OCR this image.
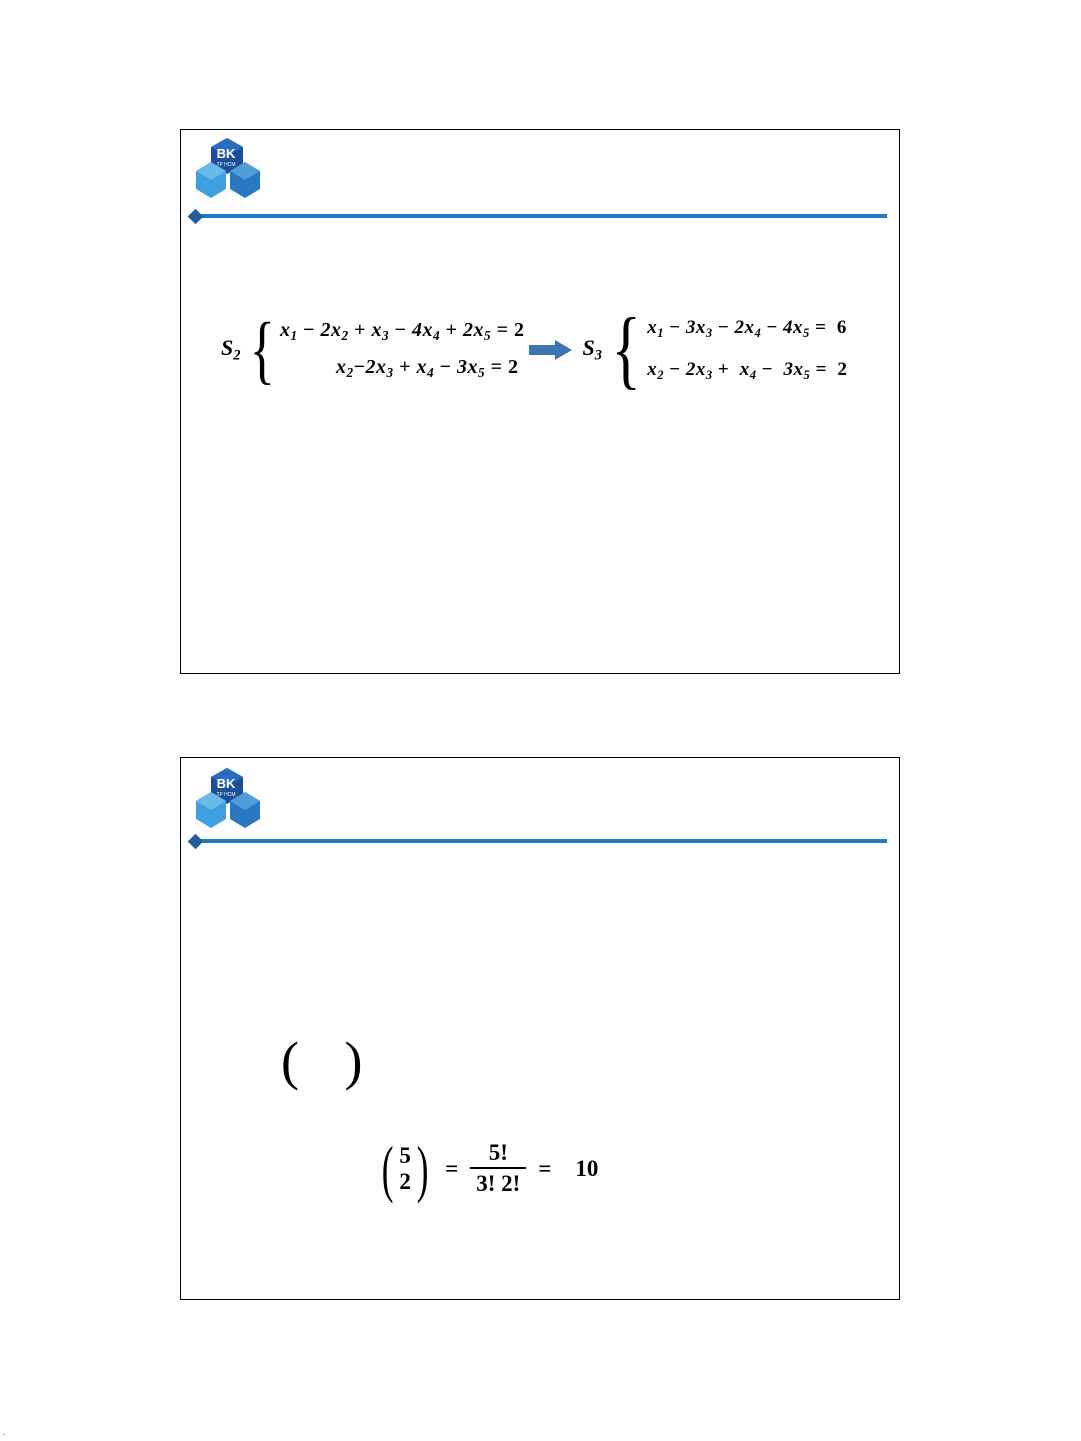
BK
TP HCM
$S_2$ { $x_1 - 2x_2 + x_3 - 4x_4 + 2x_5 = 2$
$x_2-2x_3 + x_4 - 3x_5 = 2$
$S_3$ { $x_1 - 3x_3 - 2x_4 - 4x_5 = 6$
$x_2 - 2x_3 + x_4 - 3x_5 = 2$
BK
TP HCM
( )
( 5
2 ) = $\frac{5!}{3! 2!} = 10$
.
